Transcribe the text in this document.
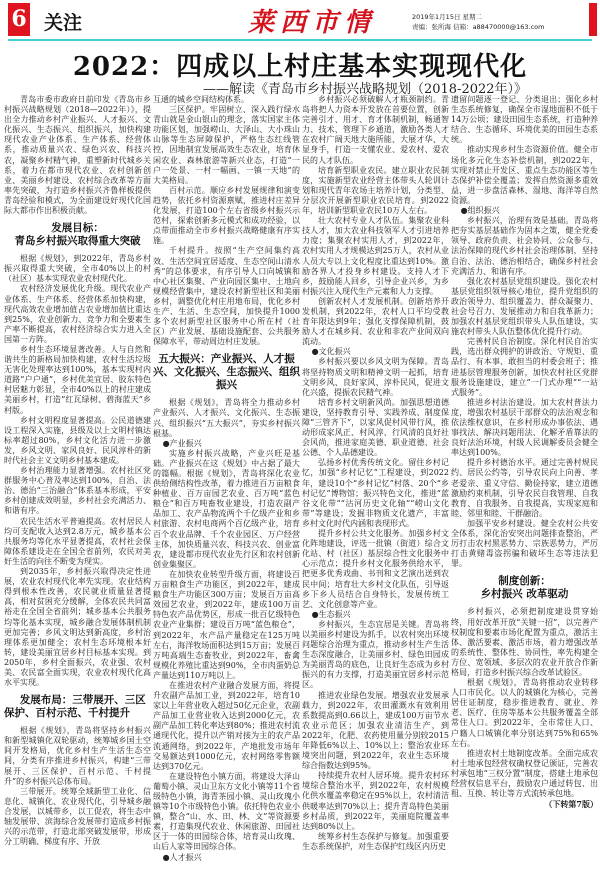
6 关注	莱西市情	2019年1月15日 星期二
责编：张所海 信箱：a88470000@163.com
2022：四成以上村庄基本实现现代化
——解读《青岛市乡村振兴战略规划（2018-2022年）》

青岛市委市政府日前印发《青岛市乡村振兴战略规划（2018—2022年）》，提出全力推动乡村产业振兴、人才振兴、文化振兴、生态振兴、组织振兴，加快构建现代农业产业体系、生产体系、经营体系，推动质量兴农、绿色兴农、科技兴农，凝聚乡村精气神，重塑新时代城乡关系，着力在都市现代农业、农村创新创业、美丽乡村建设、农村综合改革等方面率先突破，为打造乡村振兴齐鲁样板提供青岛经验和模式，为全面建设好现代化国际大都市作出积极贡献。

发展目标：
青岛乡村振兴取得重大突破

根据《规划》，到2022年，青岛乡村振兴取得重大突破，全市40%以上的村（社区）基本实现农业农村现代化。

农村经济发展优化升级。现代农业产业体系、生产体系、经营体系加快构建，现代高效农业增加值占农业增加值比重达到25%，农业创新力、竞争力和全要素生产率不断提高，农村经济综合实力进入全国第一方阵。

乡村生态环境显著改善。人与自然和谐共生的新格局加快构建，农村生活垃圾无害化处理率达到100%，基本实现村内道路“户户通”，乡村优美宜居、胶东特色村居魅力彰显，全市40%以上的村庄建成美丽乡村，打造“红瓦绿树、碧海蓝天”乡村版。

乡村文明程度显著提高。公民道德建设工程深入实施，县级及以上文明村镇达标率超过80%，乡村文化活力进一步激发，乡风文明、家风良好、民风淳朴的新时代社会主义文明乡村基本建成。

乡村治理能力显著增强。农村社区党群服务中心普及率达到100%，自治、法治、德治“三治融合”体系基本形成，平安乡村创建成效明显，乡村社会充满活力、和谐有序。

农民生活水平普遍提高。农村居民人均可支配收入达到2.8万元，城乡基本公共服务均等化水平显著提高，农村社会保障体系建设走在全国全省前列，农民对美好生活的向往不断变为现实。

到2035年，乡村振兴取得决定性进展，农业农村现代化率先实现。农业结构得到根本性改善，农民就业质量显著提高，相对贫困充分缓解，全体农民共同富裕走在全国全省前列；城乡基本公共服务均等化基本实现，城乡融合发展体制机制更加完善；乡风文明达到新高度，乡村治理体系更加健全；农村生态环境根本好转，建设美丽宜居乡村目标基本实现。到2050年，乡村全面振兴，农业强、农村美、农民富全面实现，农业农村现代化高水平实现。

发展布局：三带展开、三区保护、百村示范、千村提升

根据《规划》，青岛将坚持乡村振兴和新型城镇化双轮驱动，统筹城乡国土空间开发格局，优化乡村生产生活生态空间，分类有序推进乡村振兴，构建“三带展开、三区保护、百村示范、千村提升”的乡村振兴总体布局。

三带展开。统筹全域新型工业化、信息化、城镇化、农业现代化，引导城乡融合发展，以城带乡，以工促农，将生态中轴发展带、滨海综合发展带打造成乡村振兴的示范带，打造北部突破发展带，形成分工明确、梯度有序、开放

互通的城乡空间结构体系。

三区保护。牢固树立、深入践行绿水青山就是金山银山的理念，落实国家主体功能区划，加强崂山、大泽山、大小珠山山脉等生态屏障保护，严格生态红线管控，因地制宜发展高效生态农业，培育休闲农业、森林旅游等新兴业态，打造“一户一处景、一村一幅画、一镇一天地”的大美格局。

百村示范。顺应乡村发展规律和演变趋势，依托乡村资源禀赋，推进村庄差异化发展，打造100个左右省级乡村振兴示范村，探索创新多元模式和成功经验，以点带面推动全市乡村振兴战略健康有序实施。

千村提升。按照“生产空间集约高效、生活空间宜居适度、生态空间山清水秀”的总体要求，有序引导人口向城镇和中心社区集聚、产业向园区集中、土地向规模经营集中，建设农村新型社区和美丽乡村，调整优化村庄用地布局，优化乡村生产、生活、生态空间，加快提升1000多个农村新型社区服务中心所在村（社区）产业发展、基础设施配套、公共服务保障水平，带动周边村庄发展。

五大振兴：产业振兴、人才振兴、文化振兴、生态振兴、组织振兴

根据《规划》，青岛将全力推动乡村产业振兴、人才振兴、文化振兴、生态振兴、组织振兴“五大振兴”，夯实乡村振兴根基。

●产业振兴

实施乡村振兴战略，产业兴旺是基础。产业振兴在这《规划》中占据了最大的篇幅。根据《规划》，青岛将深化农业供给侧结构性改革，着力推进百万亩粮食种植业、百万亩园艺农业、百万吨“蓝色粮仓”和百万吨畜牧业建设，打造农副产品加工、农产品物流两个千亿级产业和乡村旅游、农村电商两个百亿级产业，培育百个农业品牌、千个农业园区、万户经营主体，加快质量兴农、科技兴农、创业富农，建设都市现代农业先行区和农村创新创业集聚区。

在加快农业转型升级方面，将建设百万亩粮食生产功能区，到2022年，建成粮食生产功能区300万亩；发展百万亩高效园艺农业，到2022年，建成100万亩特色农产品优势区，形成一批百亿级特色农业产业集群；建设百万吨“蓝色粮仓”，到2022年，水产品产量稳定在125万吨左右，海洋牧场面积达到15万亩；发展百万吨高端生态畜牧业，到2022年，畜禽规模化养殖比重达到90%，全市肉蛋奶总产量达到110万吨以上。

在推进农村产业融合发展方面，将提升农副产品加工业，到2022年，培育10家以上年营业收入超过50亿元企业，农副产品加工业营业收入达到2000亿元，农副产品加工转化率达到80%；推进农村流通现代化，提升以产销对接为主的农产品流通网络，到2022年，产地批发市场年交易额达到1000亿元，农村网络零售额达到370亿元。

在建设特色小镇方面，将建设大泽山葡萄小镇、灵山卫东方文化小镇等11个省级特色小镇，海青茶园小镇、灵山玫瑰小镇等10个市级特色小镇。依托特色农业小镇，整合“山、水、田、林、文”等资源要素，打造集现代农业、休闲旅游、田园社区于一体的田园综合体，培育灵山玫瑰、山后人家等田园综合体。

●人才振兴

乡村振兴必须破解人才瓶颈制约。青岛将把人力资本开发放在首要位置，创新完善引才、用才、育才体制机制，畅通智力、技术、管理下乡通道，激励各类人才在农村广阔天地大施所能、大展才华、大显身手，打造一支懂农业、爱农村、爱农民的人才队伍。

培育新型职业农民。建立职业农民制度，实施新型农业经营主体带头人轮训计划和现代青年农场主培养计划，分类型、分层次开展新型职业农民培育。到2022年，培训新型职业农民10万人左右。

壮大农村专业人才队伍。集聚农业科技人才，加大农业科技领军人才引进培养力度；集聚农村实用人才，到2022年，农村实用人才规模达到25万人，农村从业人员大专以上文化程度比重达到10%。激励各界人才投身乡村建设。支持人才下乡，鼓励能人回乡，引导企业兴乡，为乡村振兴注入现代生产元素和人力支撑。

创新农村人才发展机制。创新培养开发机制，到2022年，农村人口平均受教育年限达到9年；强化支撑保障机制，鼓励人才在城乡间、农业和非农产业间双向流动。

●文化振兴

乡村振兴要以乡风文明为保障。青岛将坚持物质文明和精神文明一起抓，培育文明乡风、良好家风、淳朴民风，促进文化兴盛，提振农民精气神。

培育乡村文明新风尚。加强思想道德建设，坚持教育引导、实践养成、制度保障“三管齐下”，以家风促村风带行风，推动形成家风正、村风淳、行风清的良好社会风尚，推进家庭美德、职业道德、社会公德、个人品德建设。

弘扬乡村优秀传统文化。留住乡村记忆，加强“乡村记忆”工程建设，到2022年，建设10个“乡村记忆”村落、20个“乡村记忆”博物馆；振兴特色文化，推进“蓝谷文化带”“沽河历史文化轴”“崂山文化带”等建设；发掘非物质文化遗产，丰富乡村文化时代内涵和表现形式。

提升乡村公共文化服务。加强乡村文化阵地建设，评选一批镇（街道）综合文化站、村（社区）基层综合性文化服务中心示范点；提升乡村文化服务供给水平，把更多优秀戏曲、书刊和文艺演出送到农民中间；培育壮大乡村文化队伍，引导返乡下乡人员结合自身特长，发展传统工艺、文化创意等产业。

●生态振兴

乡村振兴，生态宜居是关键。青岛将以美丽乡村建设为抓手，以农村突出环境问题综合治理为重点，推动乡村生产生活生态深度融合，让美丽乡村、绿色田园成为美丽青岛的底色，让良好生态成为乡村振兴的有力支撑，打造美丽宜居乡村示范区。

推进农业绿色发展。增强农业发展承载力，到2022年，农田灌溉水有效利用系数提高到0.66以上，建成100万亩节水农业示范区；加强农业清洁生产，到2022年，化肥、农药使用量分别较2015年降低6%以上、10%以上；整治农业环境突出问题，到2022年，农业生态环境综合指数达到95%。

持续提升农村人居环境。提升农村环境综合整治水平，到2022年，农村规模化供水覆盖率稳定在95%以上，农村清洁供暖率达到70%以上；提升青岛特色美丽乡村品质，到2022年，美丽庭院覆盖率达到80%以上。

统筹乡村生态保护与修复。加强重要生态系统保护，对生态保护红线区内历史

遗留问题逐一登记、分类退出；强化乡村生态系统修复，确保全市湿地面积不低于14万公顷；建设田园生态系统，打造种养结合、生态循环、环境优美的田园生态系统。

推动实现乡村生态资源价值。健全市场化多元化生态补偿机制，到2022年，实现对禁止开发区、重点生态功能区等生态保护补偿全覆盖；发挥自然资源多重效益，进一步盘活森林、湿地、海洋等自然资源。

●组织振兴

乡村振兴，治理有效是基础。青岛将把夯实基层基础作为固本之策，健全党委领导、政府负责、社会协同、公众参与、法治保障的现代乡村社会治理体制，坚持自治、法治、德治相结合，确保乡村社会充满活力、和谐有序。

强化农村基层党组织建设。强化农村基层党组织领导核心地位，提升党组织的政治领导力、组织覆盖力、群众凝聚力、社会号召力、发展推动力和自我革新力；加强农村基层党组织带头人队伍建设，实施农村带头人队伍整体优化提升行动。

完善村民自治制度。深化村民自治实践，选出群众拥护的讲政治、守规矩、重品行、有本事、敢担当的村委会班子；推进基层管理服务创新，加快农村社区党群服务设施建设，建立“一门式办理”“一站式服务”。

推进乡村法治建设。加大农村普法力度，增强农村基层干部群众的法治观念和依法维权意识，在乡村形成办事依法、遇事找法、解决问题用法、化解矛盾靠法的良好法治环境，村级人民调解委员会健全率达到100%。

提升乡村德治水平。通过完善村规民约、居民公约等，引导农民向上向善、孝老爱亲、重义守信、勤俭持家，建立道德激励约束机制，引导农民自我管理、自我教育、自我服务、自我提高，实现家庭和睦、邻里和睦、干群融洽。

加强平安乡村建设。健全农村公共安全体系，深化治安突出问题排查整治，严厉打击农村黑恶势力、宗族恶势力，严厉打击黄赌毒盗拐骗和破坏生态等违法犯罪。

制度创新：
乡村振兴 改革驱动

乡村振兴，必须把制度建设贯穿始终，用好改革开放“关键一招”，以完善产权制度和要素市场化配置为重点，激活主体、激活要素、激活市场，着力增强改革的系统性、整体性、协同性，率先构建全方位、宽领域、多层次的农业开放合作新格局，打造乡村振兴综合改革试验区。

根据《规划》，青岛将推动农业转移人口市民化。以人的城镇化为核心，完善居住证制度，稳步推进教育、就业、养老、医疗、住房等基本公共服务覆盖全部常住人口。到2022年，全市常住人口、户籍人口城镇化率分别达到75%和65%左右。

推进农村土地制度改革。全面完成农村土地承包经营权确权登记颁证，完善农村承包地“三权分置”制度，搭建土地承包经营权信息平台，鼓励农户通过转包、出租、互换、转让等方式流转承包地。

（下转第7版）
